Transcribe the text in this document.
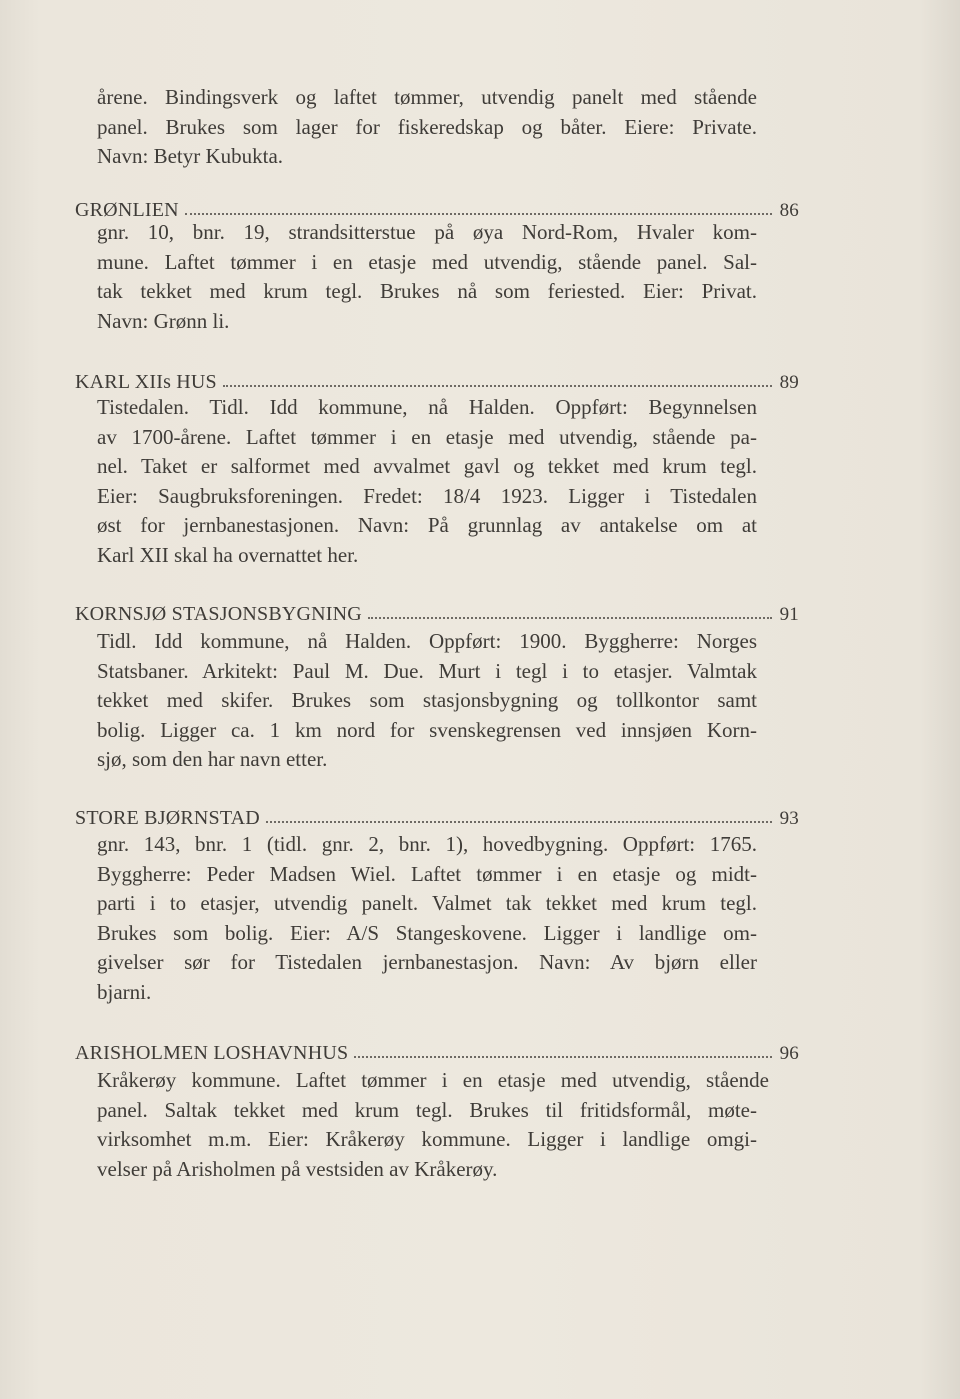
årene. Bindingsverk og laftet tømmer, utvendig panelt med stående
panel. Brukes som lager for fiskeredskap og båter. Eiere: Private.
Navn: Betyr Kubukta.
GRØNLIEN	86
gnr. 10, bnr. 19, strandsitterstue på øya Nord-Rom, Hvaler kom-
mune. Laftet tømmer i en etasje med utvendig, stående panel. Sal-
tak tekket med krum tegl. Brukes nå som feriested. Eier: Privat.
Navn: Grønn li.
KARL XIIs HUS	89
Tistedalen. Tidl. Idd kommune, nå Halden. Oppført: Begynnelsen
av 1700-årene. Laftet tømmer i en etasje med utvendig, stående pa-
nel. Taket er salformet med avvalmet gavl og tekket med krum tegl.
Eier: Saugbruksforeningen. Fredet: 18/4 1923. Ligger i Tistedalen
øst for jernbanestasjonen. Navn: På grunnlag av antakelse om at
Karl XII skal ha overnattet her.
KORNSJØ STASJONSBYGNING	91
Tidl. Idd kommune, nå Halden. Oppført: 1900. Byggherre: Norges
Statsbaner. Arkitekt: Paul M. Due. Murt i tegl i to etasjer. Valmtak
tekket med skifer. Brukes som stasjonsbygning og tollkontor samt
bolig. Ligger ca. 1 km nord for svenskegrensen ved innsjøen Korn-
sjø, som den har navn etter.
STORE BJØRNSTAD	93
gnr. 143, bnr. 1 (tidl. gnr. 2, bnr. 1), hovedbygning. Oppført: 1765.
Byggherre: Peder Madsen Wiel. Laftet tømmer i en etasje og midt-
parti i to etasjer, utvendig panelt. Valmet tak tekket med krum tegl.
Brukes som bolig. Eier: A/S Stangeskovene. Ligger i landlige om-
givelser sør for Tistedalen jernbanestasjon. Navn: Av bjørn eller
bjarni.
ARISHOLMEN LOSHAVNHUS	96
Kråkerøy kommune. Laftet tømmer i en etasje med utvendig, stående
panel. Saltak tekket med krum tegl. Brukes til fritidsformål, møte-
virksomhet m.m. Eier: Kråkerøy kommune. Ligger i landlige omgi-
velser på Arisholmen på vestsiden av Kråkerøy.
